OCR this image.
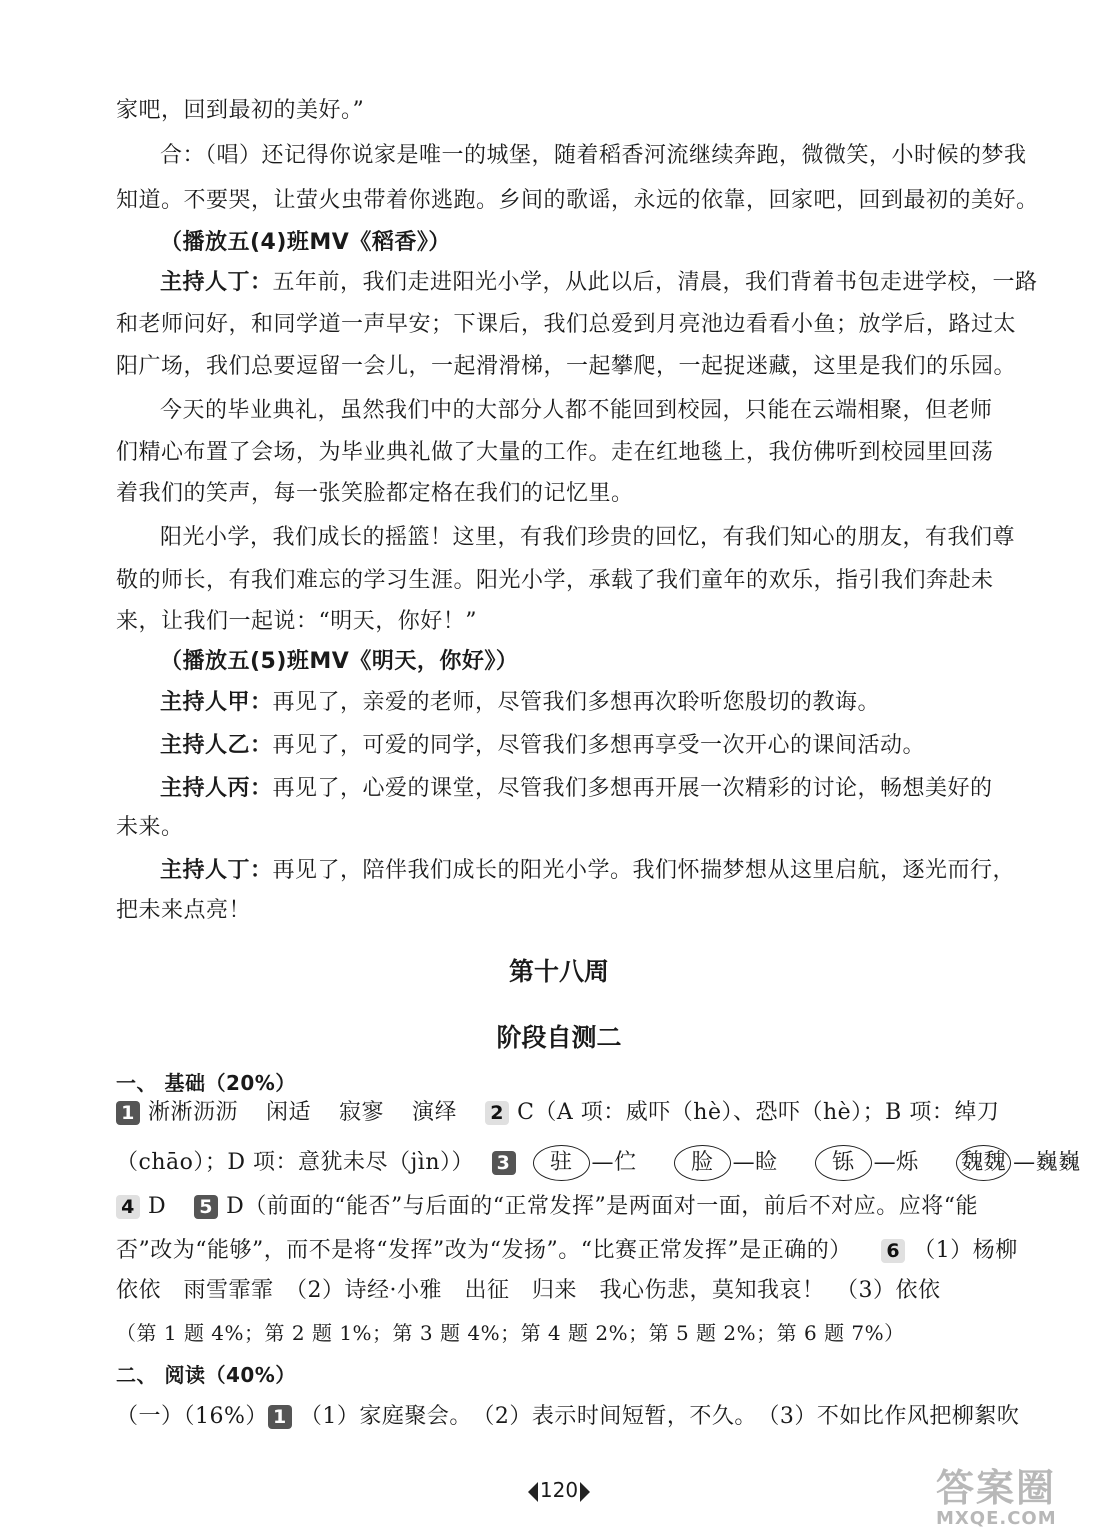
家吧，回到最初的美好。”
合：（唱）还记得你说家是唯一的城堡，随着稻香河流继续奔跑，微微笑，小时候的梦我
知道。不要哭，让萤火虫带着你逃跑。乡间的歌谣，永远的依靠，回家吧，回到最初的美好。
（播放五(4)班MV《稻香》）
主持人丁：五年前，我们走进阳光小学，从此以后，清晨，我们背着书包走进学校，一路
和老师问好，和同学道一声早安；下课后，我们总爱到月亮池边看看小鱼；放学后，路过太
阳广场，我们总要逗留一会儿，一起滑滑梯，一起攀爬，一起捉迷藏，这里是我们的乐园。
今天的毕业典礼，虽然我们中的大部分人都不能回到校园，只能在云端相聚，但老师
们精心布置了会场，为毕业典礼做了大量的工作。走在红地毯上，我仿佛听到校园里回荡
着我们的笑声，每一张笑脸都定格在我们的记忆里。
阳光小学，我们成长的摇篮！这里，有我们珍贵的回忆，有我们知心的朋友，有我们尊
敬的师长，有我们难忘的学习生涯。阳光小学，承载了我们童年的欢乐，指引我们奔赴未
来，让我们一起说：“明天，你好！”
（播放五(5)班MV《明天，你好》）
主持人甲：再见了，亲爱的老师，尽管我们多想再次聆听您殷切的教诲。
主持人乙：再见了，可爱的同学，尽管我们多想再享受一次开心的课间活动。
主持人丙：再见了，心爱的课堂，尽管我们多想再开展一次精彩的讨论，畅想美好的
未来。
主持人丁：再见了，陪伴我们成长的阳光小学。我们怀揣梦想从这里启航，逐光而行，
把未来点亮！
第十八周
阶段自测二
一、 基础（20%）
1 淅淅沥沥 闲适 寂寥 演绎 2 C（A 项：威吓（hè）、恐吓（hè）；B 项：绰刀
（chāo）；D 项：意犹未尽（jìn）） 3 驻 —伫 脸 —睑 铄 —烁 魏魏 —巍巍
4 D 5 D（前面的“能否”与后面的“正常发挥”是两面对一面，前后不对应。应将“能
否”改为“能够”，而不是将“发挥”改为“发扬”。“比赛正常发挥”是正确的） 6 （1）杨柳
依依　雨雪霏霏　（2）诗经·小雅　出征　归来　我心伤悲，莫知我哀！　（3）依依
（第 1 题 4%；第 2 题 1%；第 3 题 4%；第 4 题 2%；第 5 题 2%；第 6 题 7%）
二、 阅读（40%）
（一）（16%） 1 （1）家庭聚会。　（2）表示时间短暂，不久。　（3）不如比作风把柳絮吹
120	答案圈
MXQE.COM
